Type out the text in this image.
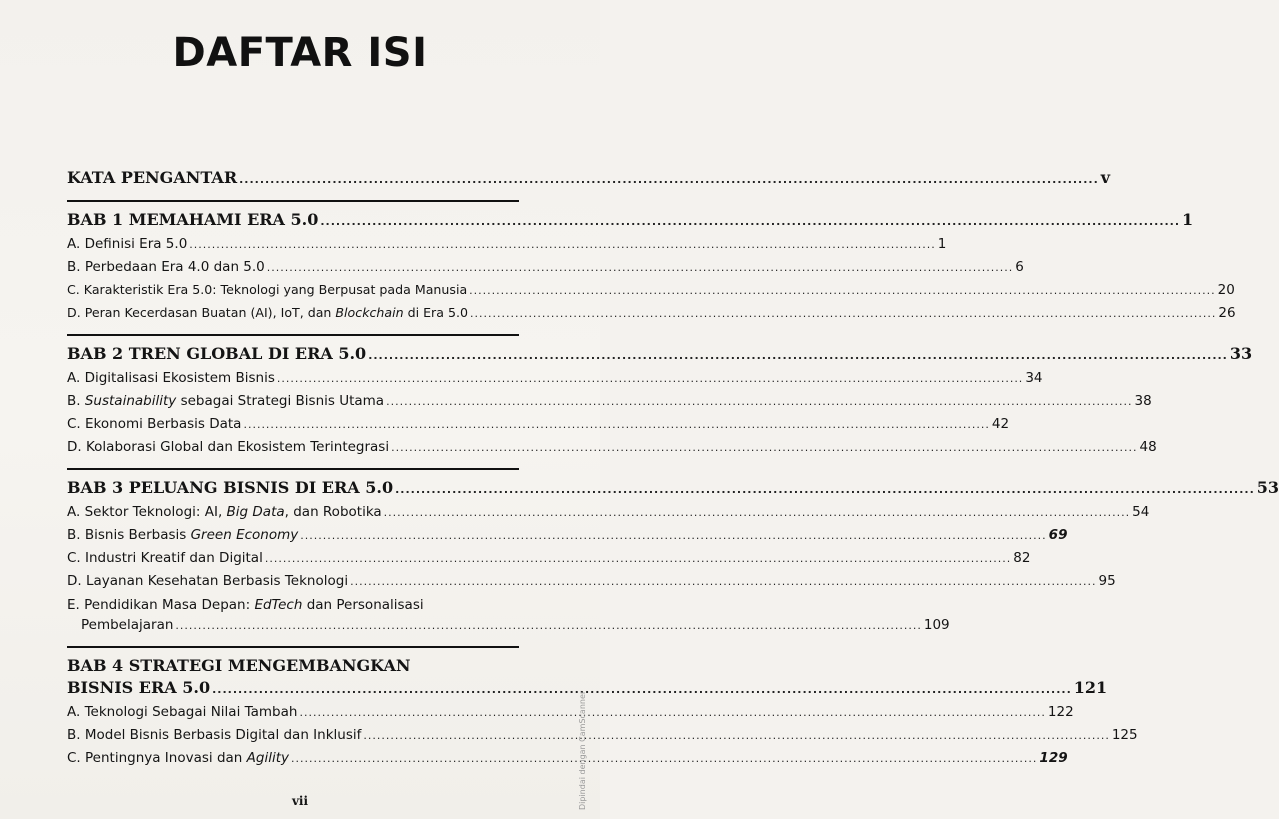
DAFTAR ISI
KATA PENGANTAR ...................................................................................................................................................................... v
BAB 1 MEMAHAMI ERA 5.0 ...................................................................................................................................................................... 1
A. Definisi Era 5.0 ...................................................................................................................................................................... 1
B. Perbedaan Era 4.0 dan 5.0 ...................................................................................................................................................................... 6
C. Karakteristik Era 5.0: Teknologi yang Berpusat pada Manusia ...................................................................................................................................................................... 20
D. Peran Kecerdasan Buatan (AI), IoT, dan Blockchain di Era 5.0 ...................................................................................................................................................................... 26
BAB 2 TREN GLOBAL DI ERA 5.0 ...................................................................................................................................................................... 33
A. Digitalisasi Ekosistem Bisnis ...................................................................................................................................................................... 34
B. Sustainability sebagai Strategi Bisnis Utama ...................................................................................................................................................................... 38
C. Ekonomi Berbasis Data ...................................................................................................................................................................... 42
D. Kolaborasi Global dan Ekosistem Terintegrasi ...................................................................................................................................................................... 48
BAB 3 PELUANG BISNIS DI ERA 5.0 ...................................................................................................................................................................... 53
A. Sektor Teknologi: AI, Big Data, dan Robotika ...................................................................................................................................................................... 54
B. Bisnis Berbasis Green Economy ...................................................................................................................................................................... 69
C. Industri Kreatif dan Digital ...................................................................................................................................................................... 82
D. Layanan Kesehatan Berbasis Teknologi ...................................................................................................................................................................... 95
E. Pendidikan Masa Depan: EdTech dan Personalisasi
Pembelajaran ...................................................................................................................................................................... 109
BAB 4 STRATEGI MENGEMBANGKAN
BISNIS ERA 5.0 ...................................................................................................................................................................... 121
A. Teknologi Sebagai Nilai Tambah ...................................................................................................................................................................... 122
B. Model Bisnis Berbasis Digital dan Inklusif ...................................................................................................................................................................... 125
C. Pentingnya Inovasi dan Agility ...................................................................................................................................................................... 129
vii	Dipindai dengan CamScanner
